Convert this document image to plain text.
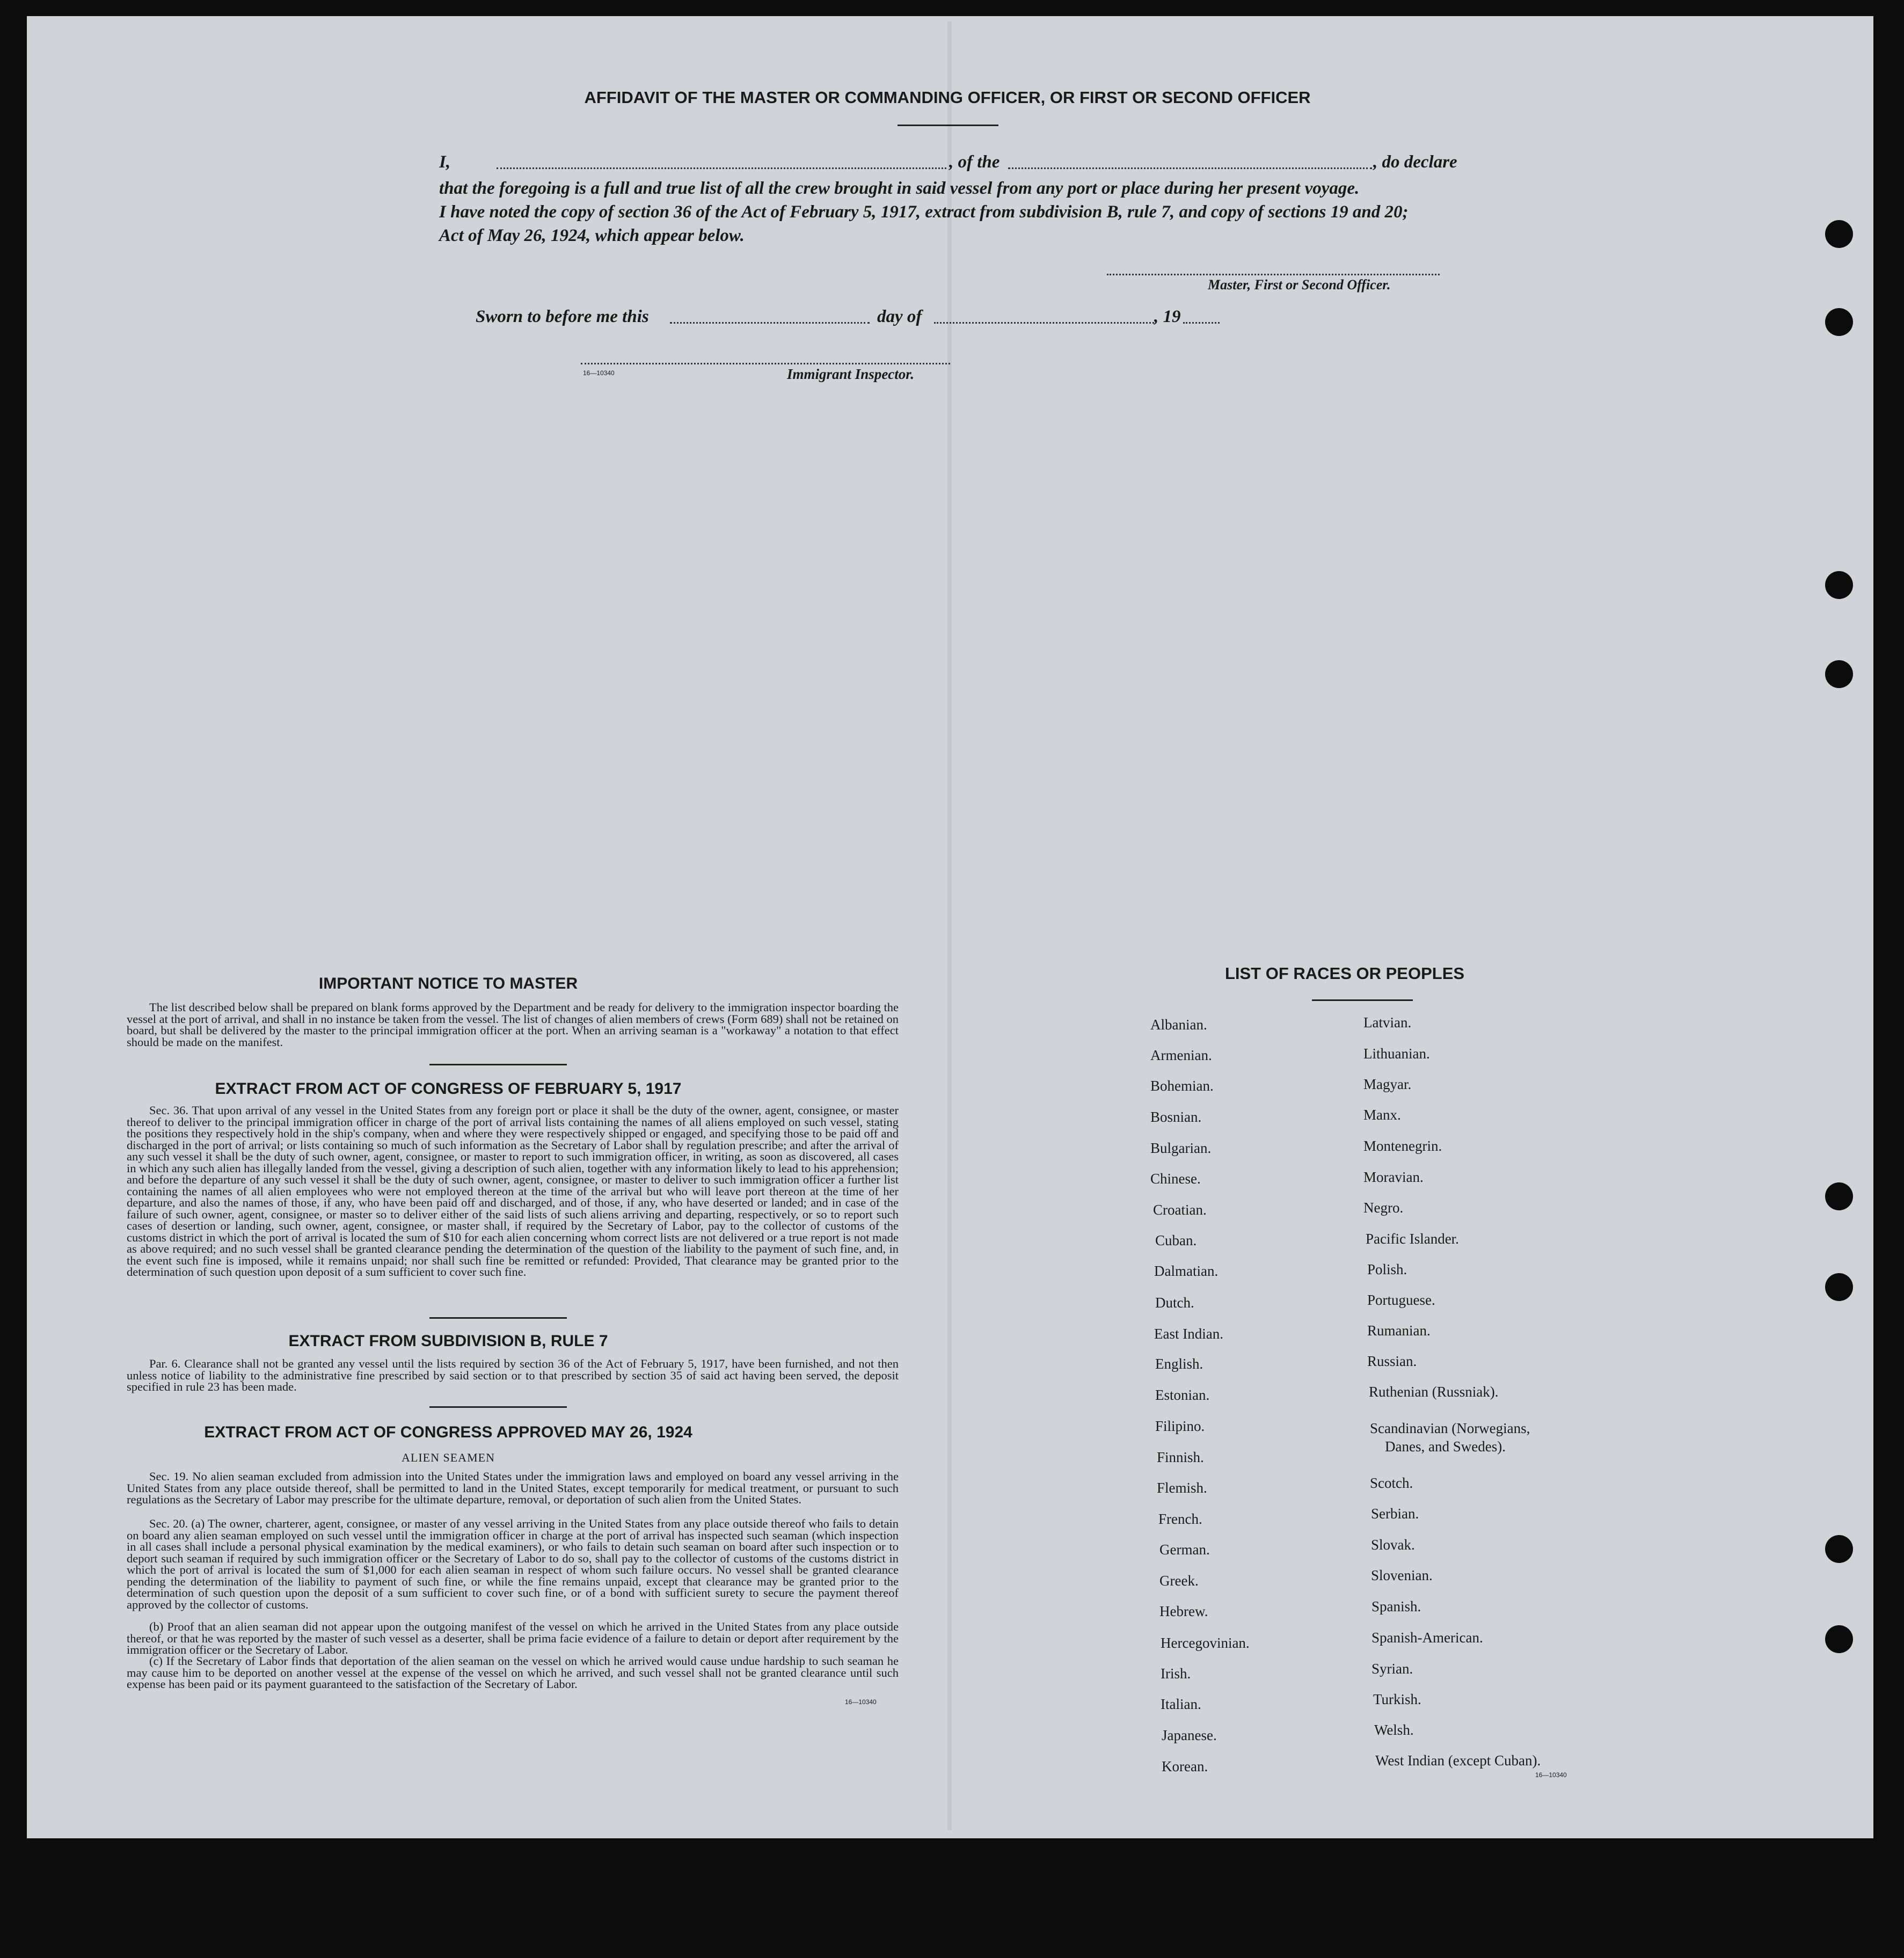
AFFIDAVIT OF THE MASTER OR COMMANDING OFFICER, OR FIRST OR SECOND OFFICER
I,	, of the	, do declare
that the foregoing is a full and true list of all the crew brought in said vessel from any port or place during her present voyage.
I have noted the copy of section 36 of the Act of February 5, 1917, extract from subdivision B, rule 7, and copy of sections 19 and 20;
Act of May 26, 1924, which appear below.
Master, First or Second Officer.
Sworn to before me this	day of	, 19
16—10340	Immigrant Inspector.
IMPORTANT NOTICE TO MASTER
The list described below shall be prepared on blank forms approved by the Department and be ready for delivery to the immigration inspector boarding the vessel at the port of arrival, and shall in no instance be taken from the vessel. The list of changes of alien members of crews (Form 689) shall not be retained on board, but shall be delivered by the master to the principal immigration officer at the port. When an arriving seaman is a "workaway" a notation to that effect should be made on the manifest.
EXTRACT FROM ACT OF CONGRESS OF FEBRUARY 5, 1917
Sec. 36. That upon arrival of any vessel in the United States from any foreign port or place it shall be the duty of the owner, agent, consignee, or master thereof to deliver to the principal immigration officer in charge of the port of arrival lists containing the names of all aliens employed on such vessel, stating the positions they respectively hold in the ship's company, when and where they were respectively shipped or engaged, and specifying those to be paid off and discharged in the port of arrival; or lists containing so much of such information as the Secretary of Labor shall by regulation prescribe; and after the arrival of any such vessel it shall be the duty of such owner, agent, consignee, or master to report to such immigration officer, in writing, as soon as discovered, all cases in which any such alien has illegally landed from the vessel, giving a description of such alien, together with any information likely to lead to his apprehension; and before the departure of any such vessel it shall be the duty of such owner, agent, consignee, or master to deliver to such immigration officer a further list containing the names of all alien employees who were not employed thereon at the time of the arrival but who will leave port thereon at the time of her departure, and also the names of those, if any, who have been paid off and discharged, and of those, if any, who have deserted or landed; and in case of the failure of such owner, agent, consignee, or master so to deliver either of the said lists of such aliens arriving and departing, respectively, or so to report such cases of desertion or landing, such owner, agent, consignee, or master shall, if required by the Secretary of Labor, pay to the collector of customs of the customs district in which the port of arrival is located the sum of $10 for each alien concerning whom correct lists are not delivered or a true report is not made as above required; and no such vessel shall be granted clearance pending the determination of the question of the liability to the payment of such fine, and, in the event such fine is imposed, while it remains unpaid; nor shall such fine be remitted or refunded: Provided, That clearance may be granted prior to the determination of such question upon deposit of a sum sufficient to cover such fine.
EXTRACT FROM SUBDIVISION B, RULE 7
Par. 6. Clearance shall not be granted any vessel until the lists required by section 36 of the Act of February 5, 1917, have been furnished, and not then unless notice of liability to the administrative fine prescribed by said section or to that prescribed by section 35 of said act having been served, the deposit specified in rule 23 has been made.
EXTRACT FROM ACT OF CONGRESS APPROVED MAY 26, 1924
ALIEN SEAMEN
Sec. 19. No alien seaman excluded from admission into the United States under the immigration laws and employed on board any vessel arriving in the United States from any place outside thereof, shall be permitted to land in the United States, except temporarily for medical treatment, or pursuant to such regulations as the Secretary of Labor may prescribe for the ultimate departure, removal, or deportation of such alien from the United States.
Sec. 20. (a) The owner, charterer, agent, consignee, or master of any vessel arriving in the United States from any place outside thereof who fails to detain on board any alien seaman employed on such vessel until the immigration officer in charge at the port of arrival has inspected such seaman (which inspection in all cases shall include a personal physical examination by the medical examiners), or who fails to detain such seaman on board after such inspection or to deport such seaman if required by such immigration officer or the Secretary of Labor to do so, shall pay to the collector of customs of the customs district in which the port of arrival is located the sum of $1,000 for each alien seaman in respect of whom such failure occurs. No vessel shall be granted clearance pending the determination of the liability to payment of such fine, or while the fine remains unpaid, except that clearance may be granted prior to the determination of such question upon the deposit of a sum sufficient to cover such fine, or of a bond with sufficient surety to secure the payment thereof approved by the collector of customs.
(b) Proof that an alien seaman did not appear upon the outgoing manifest of the vessel on which he arrived in the United States from any place outside thereof, or that he was reported by the master of such vessel as a deserter, shall be prima facie evidence of a failure to detain or deport after requirement by the immigration officer or the Secretary of Labor.
(c) If the Secretary of Labor finds that deportation of the alien seaman on the vessel on which he arrived would cause undue hardship to such seaman he may cause him to be deported on another vessel at the expense of the vessel on which he arrived, and such vessel shall not be granted clearance until such expense has been paid or its payment guaranteed to the satisfaction of the Secretary of Labor.
16—10340
LIST OF RACES OR PEOPLES
Albanian.
Armenian.
Bohemian.
Bosnian.
Bulgarian.
Chinese.
Croatian.
Cuban.
Dalmatian.
Dutch.
East Indian.
English.
Estonian.
Filipino.
Finnish.
Flemish.
French.
German.
Greek.
Hebrew.
Hercegovinian.
Irish.
Italian.
Japanese.
Korean.
Latvian.
Lithuanian.
Magyar.
Manx.
Montenegrin.
Moravian.
Negro.
Pacific Islander.
Polish.
Portuguese.
Rumanian.
Russian.
Ruthenian (Russniak).
Scandinavian (Norwegians,
Danes, and Swedes).
Scotch.
Serbian.
Slovak.
Slovenian.
Spanish.
Spanish-American.
Syrian.
Turkish.
Welsh.
West Indian (except Cuban).
16—10340
